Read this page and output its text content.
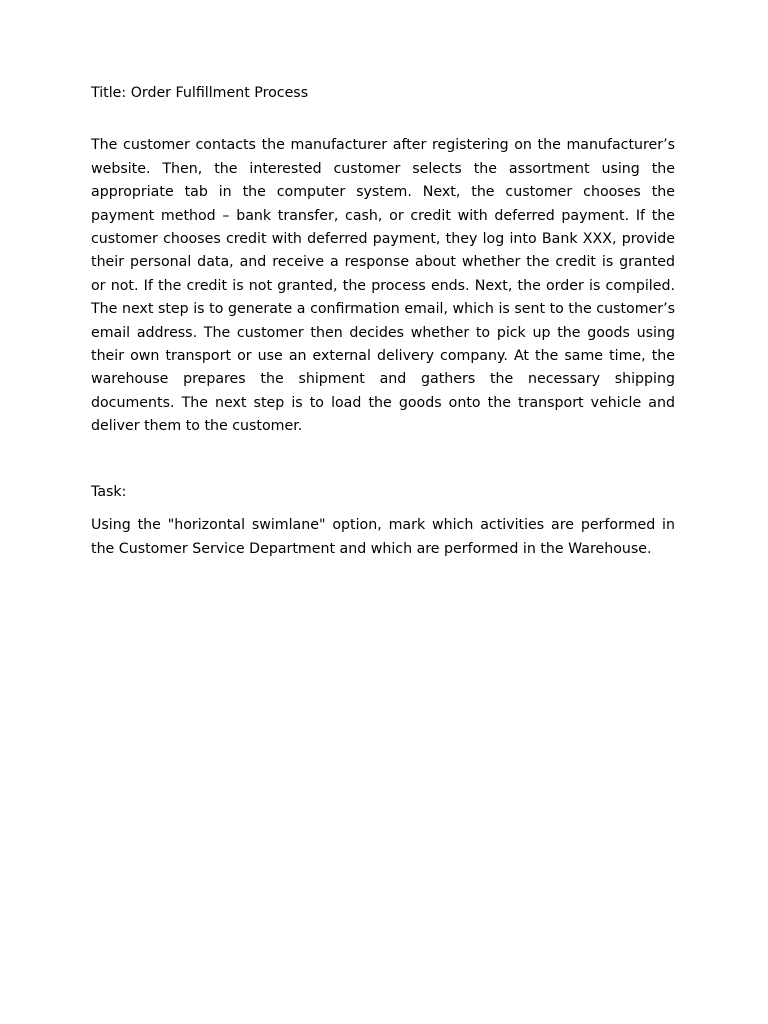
Title: Order Fulfillment Process

The customer contacts the manufacturer after registering on the manufacturer’s website. Then, the interested customer selects the assortment using the appropriate tab in the computer system. Next, the customer chooses the payment method – bank transfer, cash, or credit with deferred payment. If the customer chooses credit with deferred payment, they log into Bank XXX, provide their personal data, and receive a response about whether the credit is granted or not. If the credit is not granted, the process ends. Next, the order is compiled. The next step is to generate a confirmation email, which is sent to the customer’s email address. The customer then decides whether to pick up the goods using their own transport or use an external delivery company. At the same time, the warehouse prepares the shipment and gathers the necessary shipping documents. The next step is to load the goods onto the transport vehicle and deliver them to the customer.

Task:

Using the "horizontal swimlane" option, mark which activities are performed in the Customer Service Department and which are performed in the Warehouse.
